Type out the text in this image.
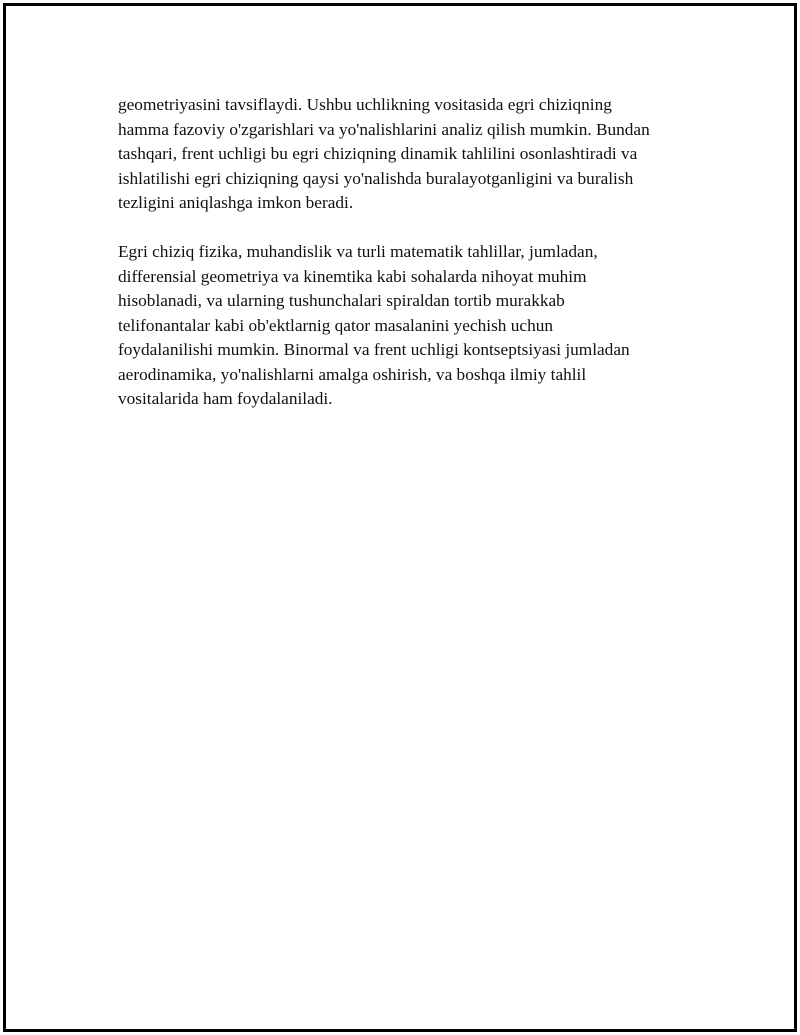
geometriyasini tavsiflaydi. Ushbu uchlikning vositasida egri chiziqning
hamma fazoviy o'zgarishlari va yo'nalishlarini analiz qilish mumkin. Bundan
tashqari, frent uchligi bu egri chiziqning dinamik tahlilini osonlashtiradi va
ishlatilishi egri chiziqning qaysi yo'nalishda buralayotganligini va buralish
tezligini aniqlashga imkon beradi.

Egri chiziq fizika, muhandislik va turli matematik tahlillar, jumladan,
differensial geometriya va kinemtika kabi sohalarda nihoyat muhim
hisoblanadi, va ularning tushunchalari spiraldan tortib murakkab
telifonantalar kabi ob'ektlarnig qator masalanini yechish uchun
foydalanilishi mumkin. Binormal va frent uchligi kontseptsiyasi jumladan
aerodinamika, yo'nalishlarni amalga oshirish, va boshqa ilmiy tahlil
vositalarida ham foydalaniladi.
